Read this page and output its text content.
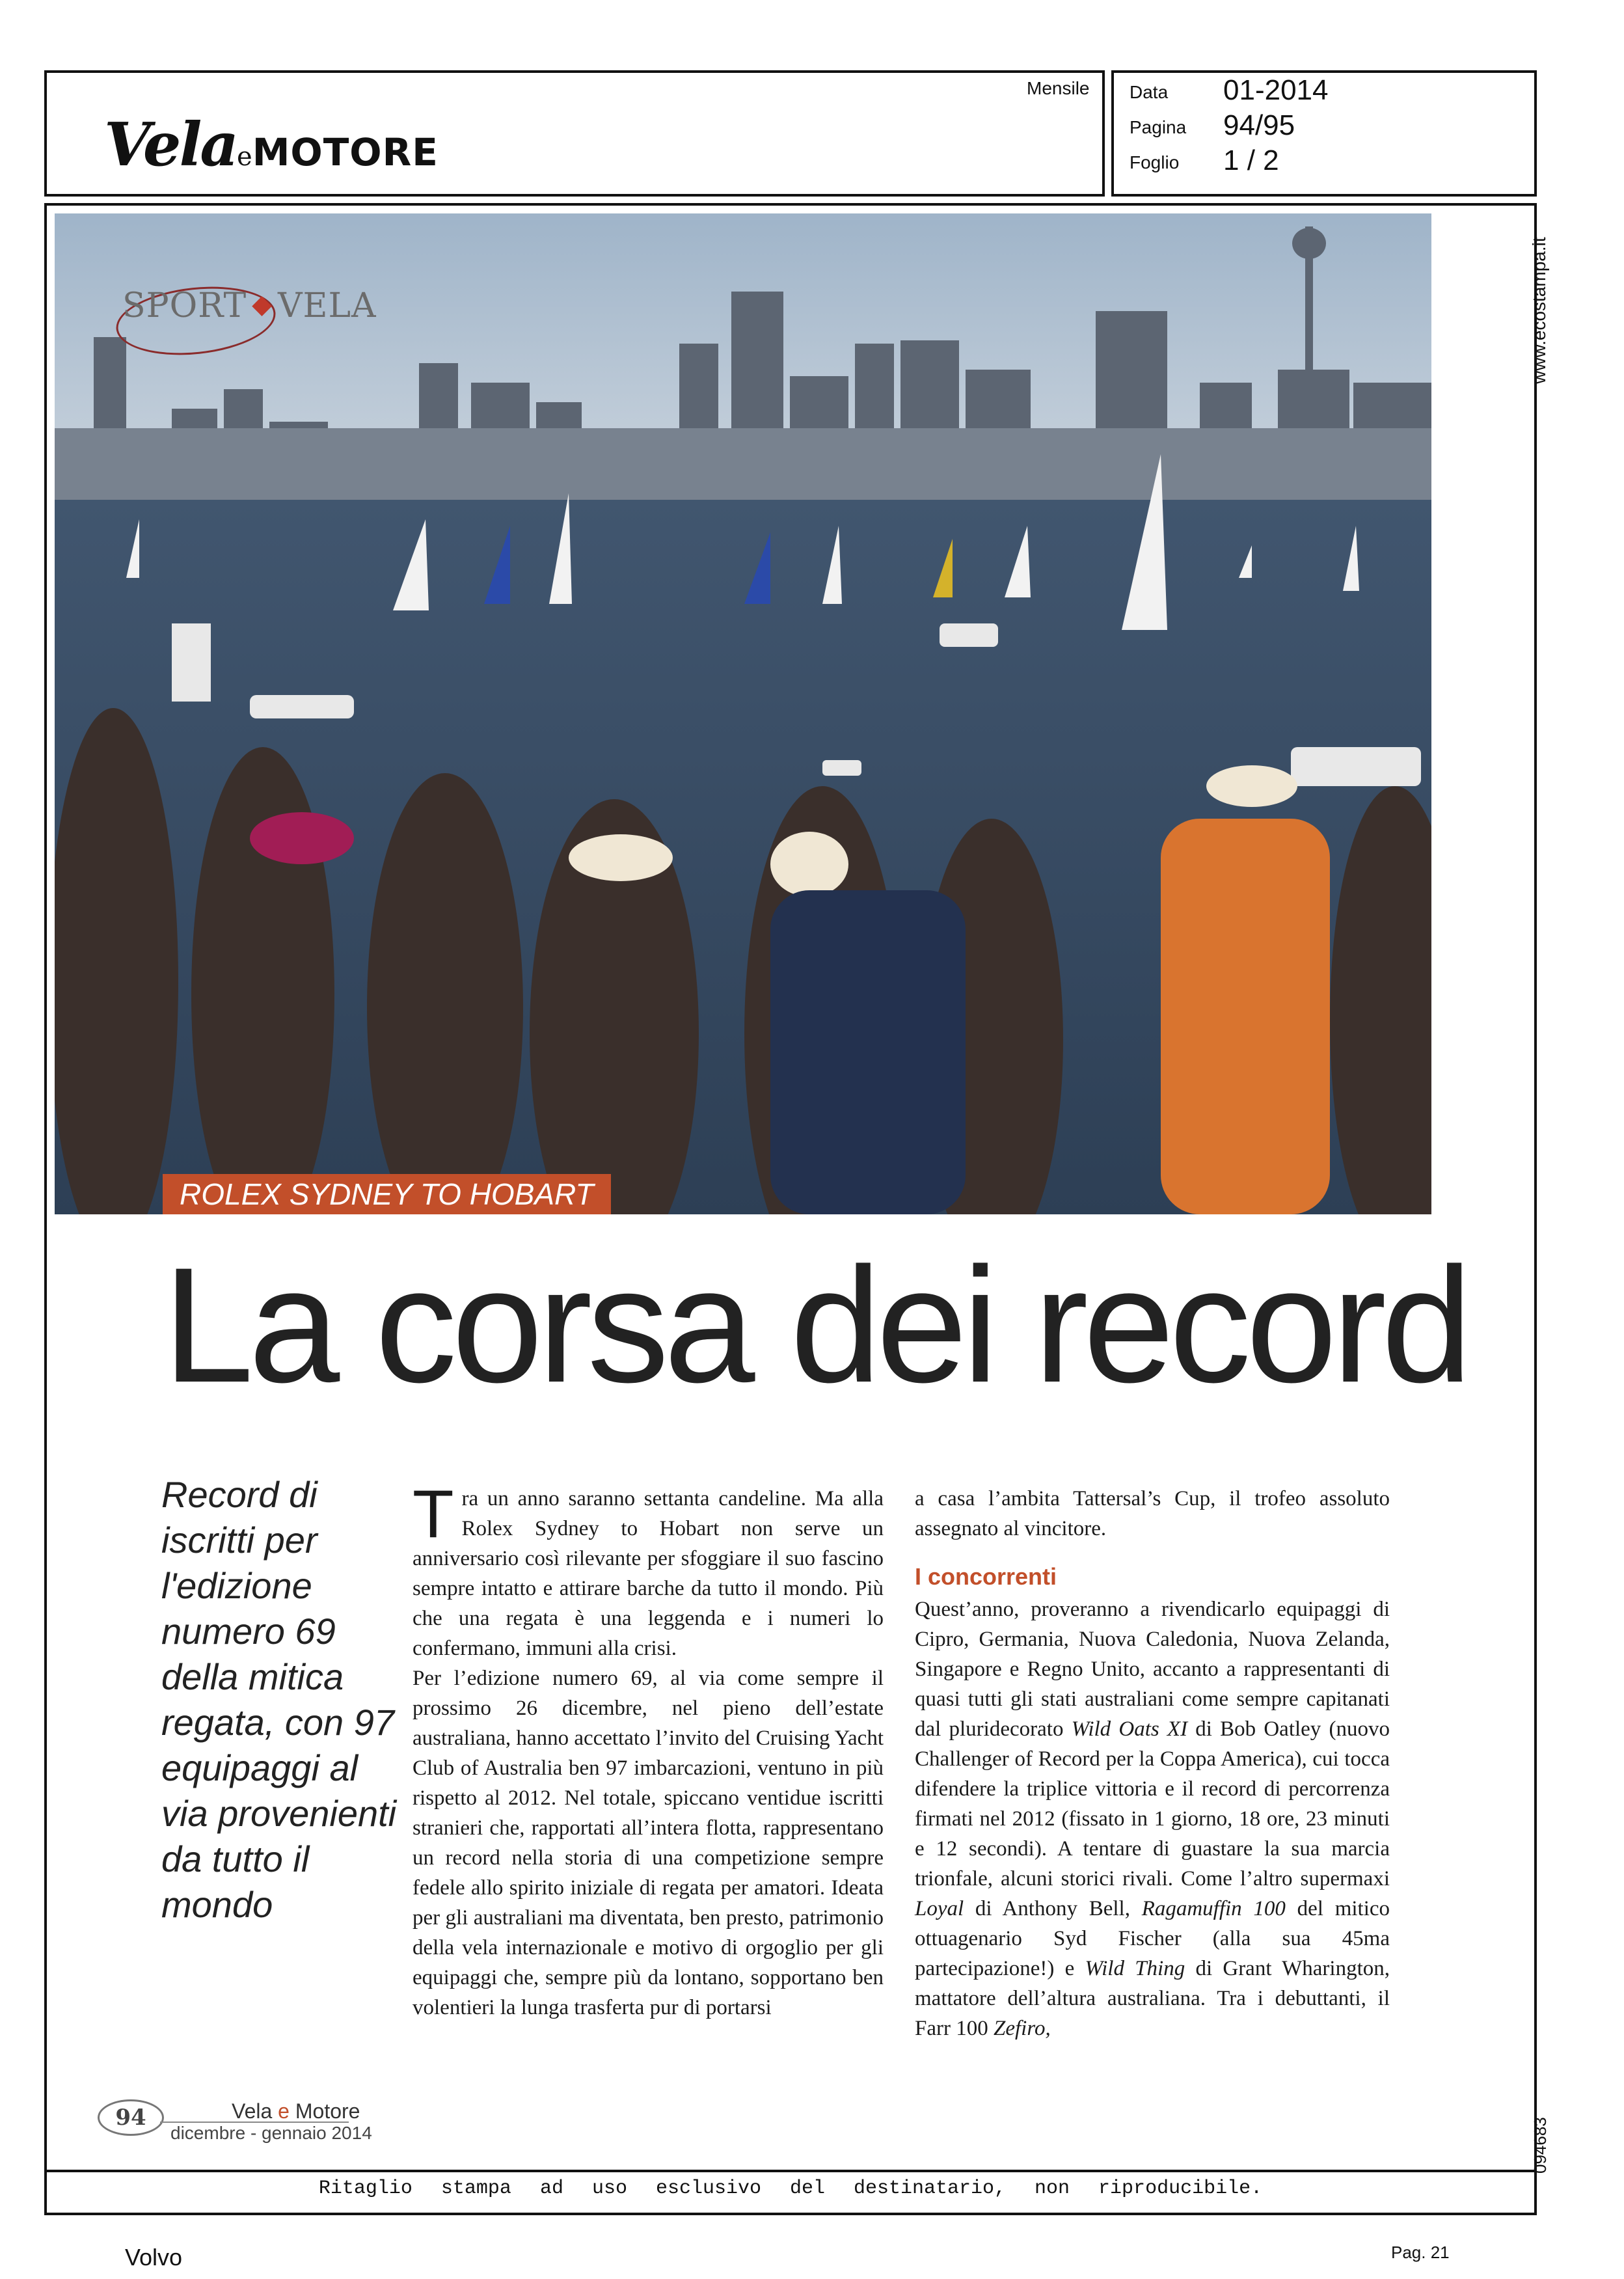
VelaeMOTORE
Mensile Data 01-2014
Pagina 94/95
Foglio 1 / 2
www.ecostampa.it
094683
SPORT ◆ VELA
ROLEX SYDNEY TO HOBART
La corsa dei record
Record di iscritti per l'edizione numero 69 della mitica regata, con 97 equipaggi al via provenienti da tutto il mondo

Tra un anno saranno settanta candeline. Ma alla Rolex Sydney to Hobart non serve un anniversario così rilevante per sfoggiare il suo fascino sempre intatto e attirare barche da tutto il mondo. Più che una regata è una leggenda e i numeri lo confermano, immuni alla crisi.

Per l’edizione numero 69, al via come sempre il prossimo 26 dicembre, nel pieno dell’estate australiana, hanno accettato l’invito del Cruising Yacht Club of Australia ben 97 imbarcazioni, ventuno in più rispetto al 2012. Nel totale, spiccano ventidue iscritti stranieri che, rapportati all’intera flotta, rappresentano un record nella storia di una competizione sempre fedele allo spirito iniziale di regata per amatori. Ideata per gli australiani ma diventata, ben presto, patrimonio della vela internazionale e motivo di orgoglio per gli equipaggi che, sempre più da lontano, sopportano ben volentieri la lunga trasferta pur di portarsi

a casa l’ambita Tattersal’s Cup, il trofeo assoluto assegnato al vincitore.

I concorrenti

Quest’anno, proveranno a rivendicarlo equipaggi di Cipro, Germania, Nuova Caledonia, Nuova Zelanda, Singapore e Regno Unito, accanto a rappresentanti di quasi tutti gli stati australiani come sempre capitanati dal pluridecorato Wild Oats XI di Bob Oatley (nuovo Challenger of Record per la Coppa America), cui tocca difendere la triplice vittoria e il record di percorrenza firmati nel 2012 (fissato in 1 giorno, 18 ore, 23 minuti e 12 secondi). A tentare di guastare la sua marcia trionfale, alcuni storici rivali. Come l’altro supermaxi Loyal di Anthony Bell, Ragamuffin 100 del mitico ottuagenario Syd Fischer (alla sua 45ma partecipazione!) e Wild Thing di Grant Wharington, mattatore dell’altura australiana. Tra i debuttanti, il Farr 100 Zefiro,

94	Vela e Motore
dicembre - gennaio 2014
Ritaglio stampa ad uso esclusivo del destinatario, non riproducibile.
Volvo	Pag. 21
